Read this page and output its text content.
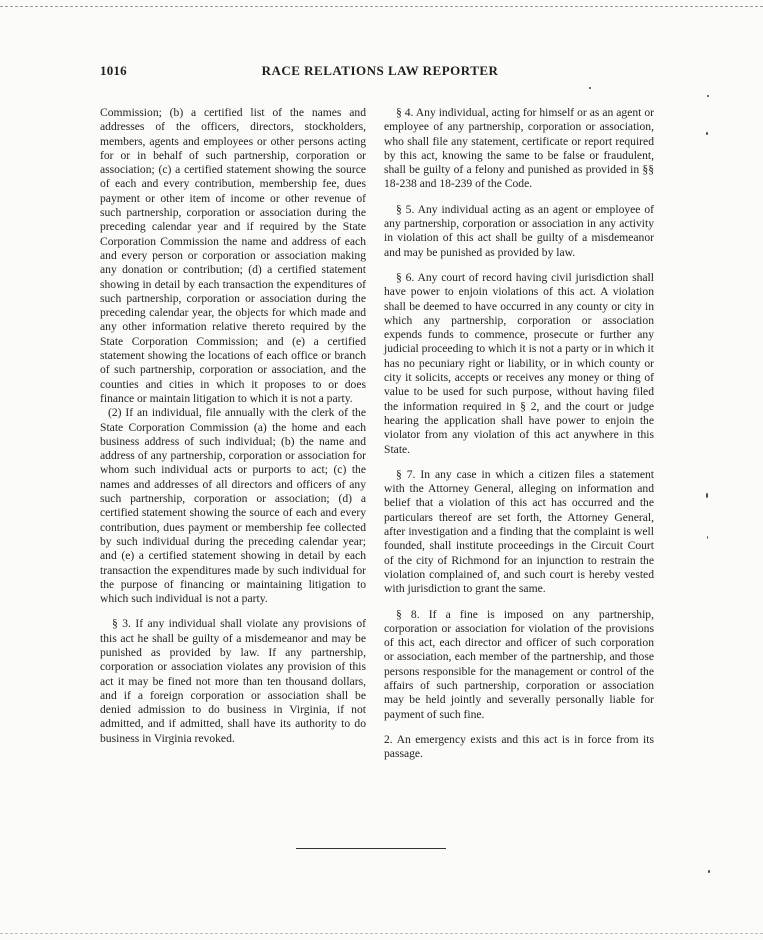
1016	RACE RELATIONS LAW REPORTER

Commission; (b) a certified list of the names and addresses of the officers, directors, stockholders, members, agents and employees or other persons acting for or in behalf of such partnership, corporation or association; (c) a certified statement showing the source of each and every contribution, membership fee, dues payment or other item of income or other revenue of such partnership, corporation or association during the preceding calendar year and if required by the State Corporation Commission the name and address of each and every person or corporation or association making any donation or contribution; (d) a certified statement showing in detail by each transaction the expenditures of such partnership, corporation or association during the preceding calendar year, the objects for which made and any other information relative thereto required by the State Corporation Commission; and (e) a certified statement showing the locations of each office or branch of such partnership, corporation or association, and the counties and cities in which it proposes to or does finance or maintain litigation to which it is not a party.

(2) If an individual, file annually with the clerk of the State Corporation Commission (a) the home and each business address of such individual; (b) the name and address of any partnership, corporation or association for whom such individual acts or purports to act; (c) the names and addresses of all directors and officers of any such partnership, corporation or association; (d) a certified statement showing the source of each and every contribution, dues payment or membership fee collected by such individual during the preceding calendar year; and (e) a certified statement showing in detail by each transaction the expenditures made by such individual for the purpose of financing or maintaining litigation to which such individual is not a party.

§ 3. If any individual shall violate any provisions of this act he shall be guilty of a misdemeanor and may be punished as provided by law. If any partnership, corporation or association violates any provision of this act it may be fined not more than ten thousand dollars, and if a foreign corporation or association shall be denied admission to do business in Virginia, if not admitted, and if admitted, shall have its authority to do business in Virginia revoked.

§ 4. Any individual, acting for himself or as an agent or employee of any partnership, corporation or association, who shall file any statement, certificate or report required by this act, knowing the same to be false or fraudulent, shall be guilty of a felony and punished as provided in §§ 18-238 and 18-239 of the Code.

§ 5. Any individual acting as an agent or employee of any partnership, corporation or association in any activity in violation of this act shall be guilty of a misdemeanor and may be punished as provided by law.

§ 6. Any court of record having civil jurisdiction shall have power to enjoin violations of this act. A violation shall be deemed to have occurred in any county or city in which any partnership, corporation or association expends funds to commence, prosecute or further any judicial proceeding to which it is not a party or in which it has no pecuniary right or liability, or in which county or city it solicits, accepts or receives any money or thing of value to be used for such purpose, without having filed the information required in § 2, and the court or judge hearing the application shall have power to enjoin the violator from any violation of this act anywhere in this State.

§ 7. In any case in which a citizen files a statement with the Attorney General, alleging on information and belief that a violation of this act has occurred and the particulars thereof are set forth, the Attorney General, after investigation and a finding that the complaint is well founded, shall institute proceedings in the Circuit Court of the city of Richmond for an injunction to restrain the violation complained of, and such court is hereby vested with jurisdiction to grant the same.

§ 8. If a fine is imposed on any partnership, corporation or association for violation of the provisions of this act, each director and officer of such corporation or association, each member of the partnership, and those persons responsible for the management or control of the affairs of such partnership, corporation or association may be held jointly and severally personally liable for payment of such fine.

2. An emergency exists and this act is in force from its passage.
